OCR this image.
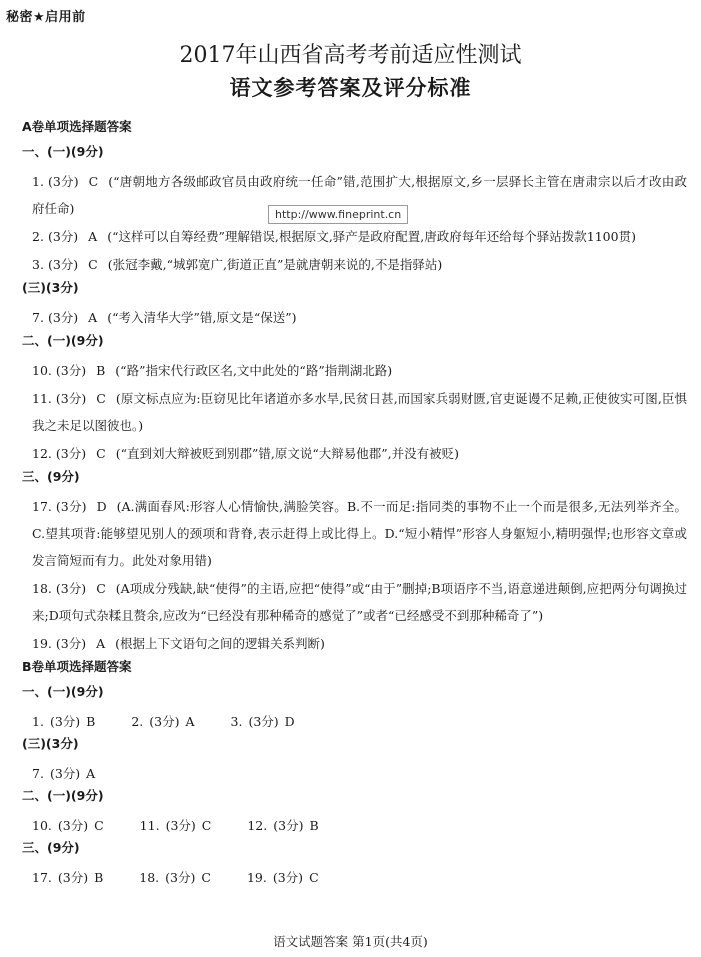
秘密★启用前
2017年山西省高考考前适应性测试
语文参考答案及评分标准
A卷单项选择题答案
一、(一)(9分)
1. (3分) C (“唐朝地方各级邮政官员由政府统一任命”错,范围扩大,根据原文,乡一层驿长主管在唐肃宗以后才改由政府任命)
2. (3分) A (“这样可以自筹经费”理解错误,根据原文,驿产是政府配置,唐政府每年还给每个驿站拨款1100贯)
3. (3分) C (张冠李戴,“城郭宽广,街道正直”是就唐朝来说的,不是指驿站)
(三)(3分)
7. (3分) A (“考入清华大学”错,原文是“保送”)
二、(一)(9分)
10. (3分) B (“路”指宋代行政区名,文中此处的“路”指荆湖北路)
11. (3分) C (原文标点应为:臣窃见比年诸道亦多水旱,民贫日甚,而国家兵弱财匮,官吏诞谩不足赖,正使彼实可图,臣惧我之未足以图彼也。)
12. (3分) C (“直到刘大辩被贬到别郡”错,原文说“大辩易他郡”,并没有被贬)
三、(9分)
17. (3分) D (A.满面春风:形容人心情愉快,满脸笑容。B.不一而足:指同类的事物不止一个而是很多,无法列举齐全。C.望其项背:能够望见别人的颈项和背脊,表示赶得上或比得上。D.“短小精悍”形容人身躯短小,精明强悍;也形容文章或发言简短而有力。此处对象用错)
18. (3分) C (A项成分残缺,缺“使得”的主语,应把“使得”或“由于”删掉;B项语序不当,语意递进颠倒,应把两分句调换过来;D项句式杂糅且赘余,应改为“已经没有那种稀奇的感觉了”或者“已经感受不到那种稀奇了”)
19. (3分) A (根据上下文语句之间的逻辑关系判断)
B卷单项选择题答案
一、(一)(9分)
1. (3分) B	2. (3分) A	3. (3分) D
(三)(3分)
7. (3分) A
二、(一)(9分)
10. (3分) C	11. (3分) C	12. (3分) B
三、(9分)
17. (3分) B	18. (3分) C	19. (3分) C
http://www.fineprint.cn
语文试题答案 第1页(共4页)
